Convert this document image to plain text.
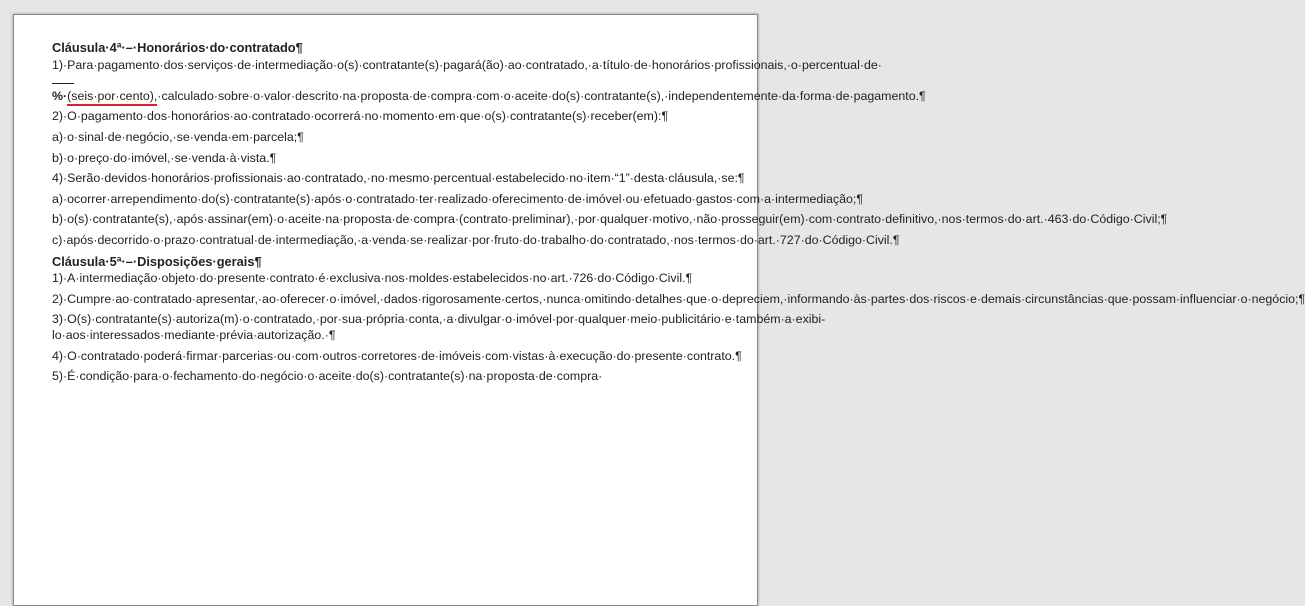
Cláusula·4ª·–·Honorários·do·contratado¶
1)·Para·pagamento·dos·serviços·de·intermediação·o(s)·contratante(s)·pagará(ão)·ao·contratado,·a·título·de·honorários·profissionais,·o·percentual·de·%·(seis·por·cento),·calculado·sobre·o·valor·descrito·na·proposta·de·compra·com·o·aceite·do(s)·contratante(s),·independentemente·da·forma·de·pagamento.¶
2)·O·pagamento·dos·honorários·ao·contratado·ocorrerá·no·momento·em·que·o(s)·contratante(s)·receber(em):¶
a)·o·sinal·de·negócio,·se·venda·em·parcela;¶
b)·o·preço·do·imóvel,·se·venda·à·vista.¶
4)·Serão·devidos·honorários·profissionais·ao·contratado,·no·mesmo·percentual·estabelecido·no·item·“1”·desta·cláusula,·se:¶
a)·ocorrer·arrependimento·do(s)·contratante(s)·após·o·contratado·ter·realizado·oferecimento·de·imóvel·ou·efetuado·gastos·com·a·intermediação;¶
b)·o(s)·contratante(s),·após·assinar(em)·o·aceite·na·proposta·de·compra·(contrato·preliminar),·por·qualquer·motivo,·não·prosseguir(em)·com·contrato·definitivo,·nos·termos·do·art.·463·do·Código·Civil;¶
c)·após·decorrido·o·prazo·contratual·de·intermediação,·a·venda·se·realizar·por·fruto·do·trabalho·do·contratado,·nos·termos·do·art.·727·do·Código·Civil.¶
Cláusula·5ª·–·Disposições·gerais¶
1)·A·intermediação·objeto·do·presente·contrato·é·exclusiva·nos·moldes·estabelecidos·no·art.·726·do·Código·Civil.¶
2)·Cumpre·ao·contratado·apresentar,·ao·oferecer·o·imóvel,·dados·rigorosamente·certos,·nunca·omitindo·detalhes·que·o·depreciem,·informando·às·partes·dos·riscos·e·demais·circunstâncias·que·possam·influenciar·o·negócio;¶
3)·O(s)·contratante(s)·autoriza(m)·o·contratado,·por·sua·própria·conta,·a·divulgar·o·imóvel·por·qualquer·meio·publicitário·e·também·a·exibi-lo·aos·interessados·mediante·prévia·autorização.·¶
4)·O·contratado·poderá·firmar·parcerias·ou·com·outros·corretores·de·imóveis·com·vistas·à·execução·do·presente·contrato.¶
5)·É·condição·para·o·fechamento·do·negócio·o·aceite·do(s)·contratante(s)·na·proposta·de·compra·
